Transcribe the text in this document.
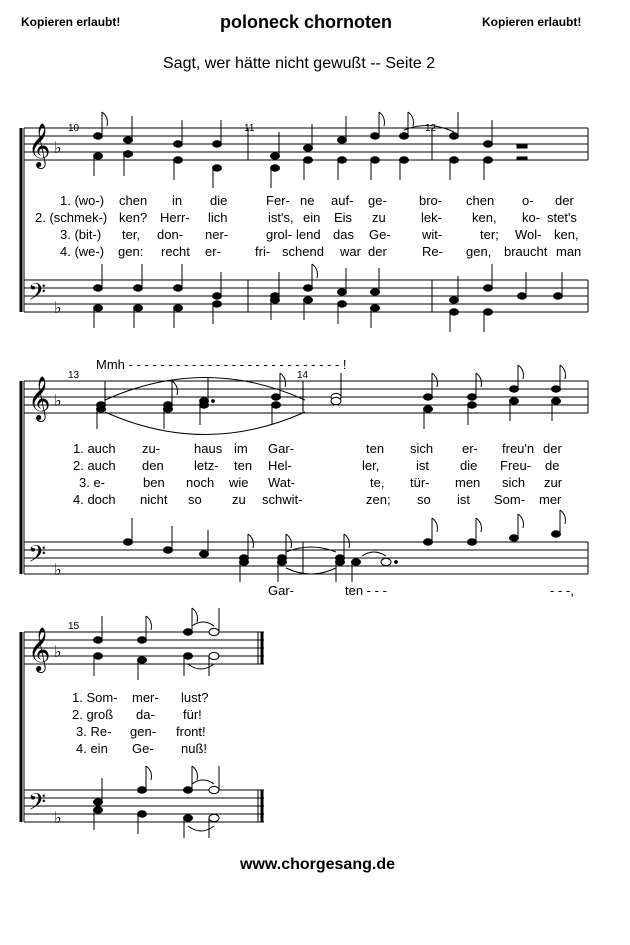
Kopieren erlaubt!	poloneck chornoten	Kopieren erlaubt!
Sagt, wer hätte nicht gewußt -- Seite 2
𝄞
𝄢
♭
♭
𝄞
𝄢
♭
♭
𝄞
𝄢
♭
♭
10	11	12
13	14
15
Mmh - - - - - - - - - - - - - - - - - - - - - - - - - - - !
1. (wo-) chen in die	Fer- ne auf- ge- bro- chen o- der
2. (schmek-) ken? Herr- lich	ist's, ein Eis zu	lek- ken, ko- stet's
3. (bit-) ter, don- ner-	grol- lend das Ge- wit-	ter; Wol- ken,
4. (we-) gen: recht er-	fri- schend war der	Re- gen, braucht man
1. auch zu-	haus im Gar-	ten sich er- freu'n der
2. auch den letz- ten Hel-	ler,	ist die Freu- de
3. e-	ben noch wie Wat-	te, tür- men sich zur
4. doch nicht so zu schwit-	zen; so ist Som- mer
Gar-	ten - - -	- - -,
1. Som- mer- lust?
2. groß da- für!
3. Re- gen- front!
4. ein Ge- nuß!
www.chorgesang.de
